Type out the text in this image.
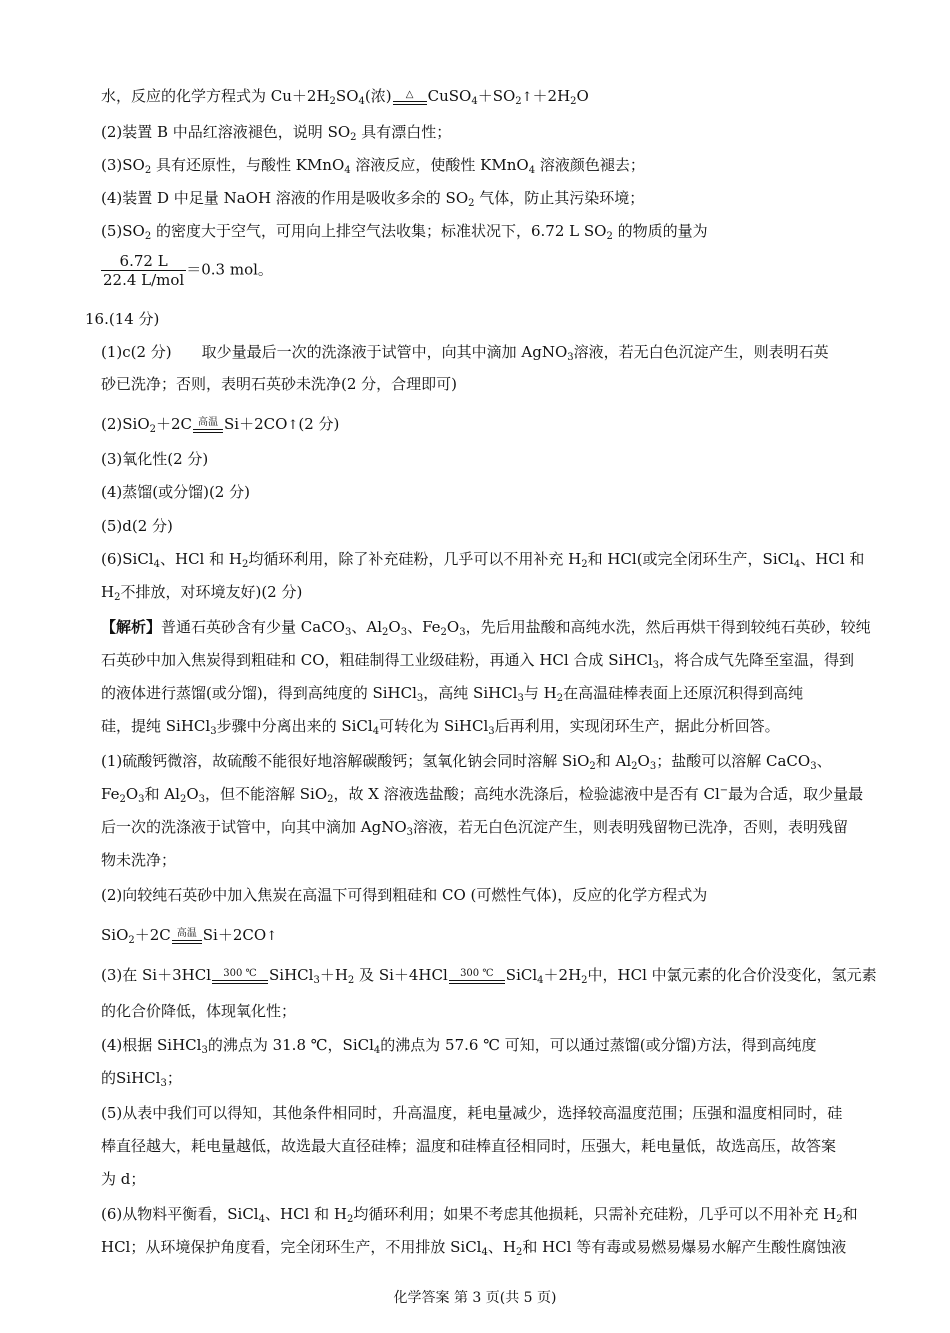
水，反应的化学方程式为 $Cu+2H_2SO_4$(浓)	△ $CuSO_4+SO_2↑+2H_2O$
(2)装置 B 中品红溶液褪色，说明 $SO_2$ 具有漂白性；
$(3)SO_2$ 具有还原性，与酸性 KMnO$_4$ 溶液反应，使酸性 KMnO$_4$ 溶液颜色褪去；
(4)装置 D 中足量 NaOH 溶液的作用是吸收多余的 $SO_2$ 气体，防止其污染环境；
$(5)SO_2$ 的密度大于空气，可用向上排空气法收集；标准状况下，6.72 L $SO_2$ 的物质的量为
$\frac{6.72 L}{\text{22.4 L/mol}} =0.3$ mol。
16.(14 分)
(1)c(2 分)　　取少量最后一次的洗涤液于试管中，向其中滴加 AgNO$_3$溶液，若无白色沉淀产生，则表明石英
砂已洗净；否则，表明石英砂未洗净(2 分，合理即可)
(2)SiO$_2$＋2C 高温 Si＋2CO↑(2 分)
(3)氧化性(2 分)
(4)蒸馏(或分馏)(2 分)
(5)d(2 分)
(6)SiCl$_4$、HCl 和 $H_2$均循环利用，除了补充硅粉，几乎可以不用补充 $H_2$和 HCl(或完全闭环生产，SiCl$_4$、HCl 和
$H_2$不排放，对环境友好)(2 分)
【解析】普通石英砂含有少量 CaCO$_3$、$Al_2O_3$、$Fe_2O_3$，先后用盐酸和高纯水洗，然后再烘干得到较纯石英砂，较纯
石英砂中加入焦炭得到粗硅和 CO，粗硅制得工业级硅粉，再通入 HCl 合成 SiHCl$_3$，将合成气先降至室温，得到
的液体进行蒸馏(或分馏)，得到高纯度的 SiHCl$_3$，高纯 SiHCl$_3$与 $H_2$在高温硅棒表面上还原沉积得到高纯
硅，提纯 SiHCl$_3$步骤中分离出来的 SiCl$_4$可转化为 SiHCl$_3$后再利用，实现闭环生产，据此分析回答。
(1)硫酸钙微溶，故硫酸不能很好地溶解碳酸钙；氢氧化钠会同时溶解 SiO$_2$和 $Al_2O_3$；盐酸可以溶解 CaCO$_3$、
$Fe_2O_3$和 $Al_2O_3$，但不能溶解 SiO$_2$，故 X 溶液选盐酸；高纯水洗涤后，检验滤液中是否有 Cl−最为合适，取少量最
后一次的洗涤液于试管中，向其中滴加 AgNO$_3$溶液，若无白色沉淀产生，则表明残留物已洗净，否则，表明残留
物未洗净；
(2)向较纯石英砂中加入焦炭在高温下可得到粗硅和 CO (可燃性气体)，反应的化学方程式为
SiO$_2$＋2C 高温 Si＋2CO↑
(3)在 Si＋3HCl	300 ℃ $SiHCl_3+H_2$ 及 Si＋4HCl	300 ℃ $SiCl_4+2H_2$中，HCl 中氯元素的化合价没变化，氢元素
的化合价降低，体现氧化性；
(4)根据 SiHCl$_3$的沸点为 31.8 ℃，SiCl$_4$的沸点为 57.6 ℃ 可知，可以通过蒸馏(或分馏)方法，得到高纯度
的SiHCl$_3$；
(5)从表中我们可以得知，其他条件相同时，升高温度，耗电量减少，选择较高温度范围；压强和温度相同时，硅
棒直径越大，耗电量越低，故选最大直径硅棒；温度和硅棒直径相同时，压强大，耗电量低，故选高压，故答案
为 d；
(6)从物料平衡看，SiCl$_4$、HCl 和 $H_2$均循环利用；如果不考虑其他损耗，只需补充硅粉，几乎可以不用补充 $H_2$和
HCl；从环境保护角度看，完全闭环生产，不用排放 SiCl$_4$、$H_2$和 HCl 等有毒或易燃易爆易水解产生酸性腐蚀液
化学答案 第 3 页(共 5 页)
